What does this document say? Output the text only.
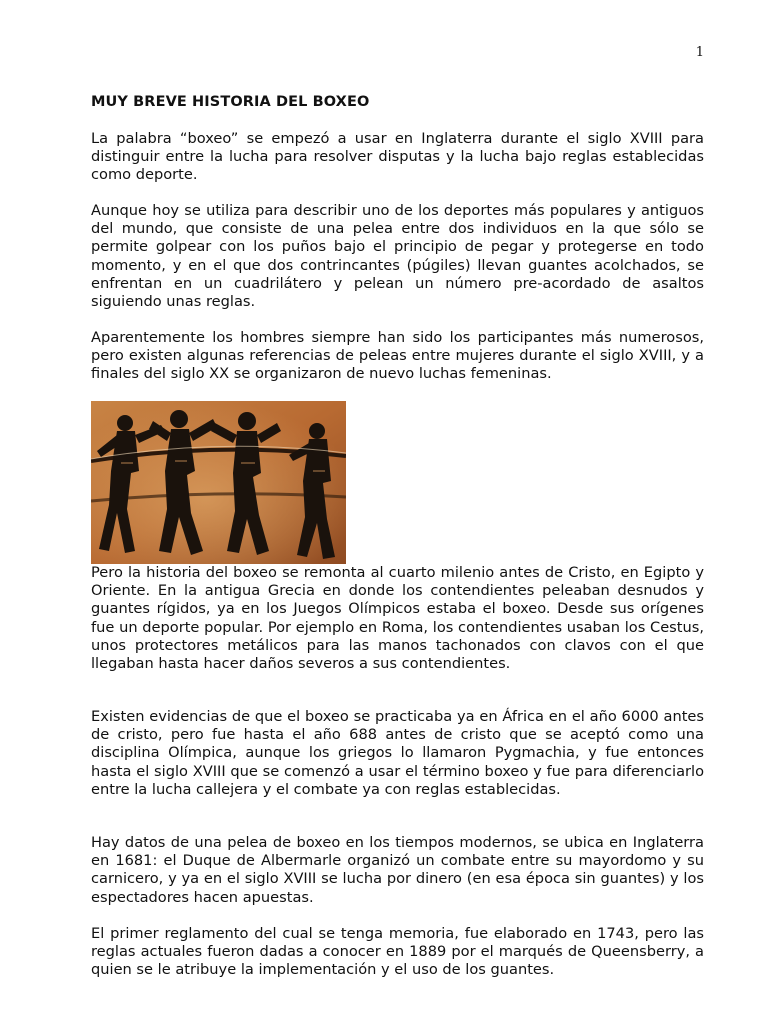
1
MUY BREVE HISTORIA DEL BOXEO

La palabra “boxeo” se empezó a usar en Inglaterra durante el siglo XVIII para distinguir entre la lucha para resolver disputas y la lucha bajo reglas establecidas como deporte.

Aunque hoy se utiliza para describir uno de los deportes más populares y antiguos del mundo, que consiste de una pelea entre dos individuos en la que sólo se permite golpear con los puños bajo el principio de pegar y protegerse en todo momento, y en el que dos contrincantes (púgiles) llevan guantes acolchados, se enfrentan en un cuadrilátero y pelean un número pre-acordado de asaltos siguiendo unas reglas.

Aparentemente los hombres siempre han sido los participantes más numerosos, pero existen algunas referencias de peleas entre mujeres durante el siglo XVIII, y a finales del siglo XX se organizaron de nuevo luchas femeninas.

Pero la historia del boxeo se remonta al cuarto milenio antes de Cristo, en Egipto y Oriente. En la antigua Grecia en donde los contendientes peleaban desnudos y guantes rígidos, ya en los Juegos Olímpicos estaba el boxeo. Desde sus orígenes fue un deporte popular. Por ejemplo en Roma, los contendientes usaban los Cestus, unos protectores metálicos para las manos tachonados con clavos con el que llegaban hasta hacer daños severos a sus contendientes.

Existen evidencias de que el boxeo se practicaba ya en África en el año 6000 antes de cristo, pero fue hasta el año 688 antes de cristo que se aceptó como una disciplina Olímpica, aunque los griegos lo llamaron Pygmachia, y fue entonces hasta el siglo XVIII que se comenzó a usar el término boxeo y fue para diferenciarlo entre la lucha callejera y el combate ya con reglas establecidas.

Hay datos de una pelea de boxeo en los tiempos modernos, se ubica en Inglaterra en 1681: el Duque de Albermarle organizó un combate entre su mayordomo y su carnicero, y ya en el siglo XVIII se lucha por dinero (en esa época sin guantes) y los espectadores hacen apuestas.

El primer reglamento del cual se tenga memoria, fue elaborado en 1743, pero las reglas actuales fueron dadas a conocer en 1889 por el marqués de Queensberry, a quien se le atribuye la implementación y el uso de los guantes.
